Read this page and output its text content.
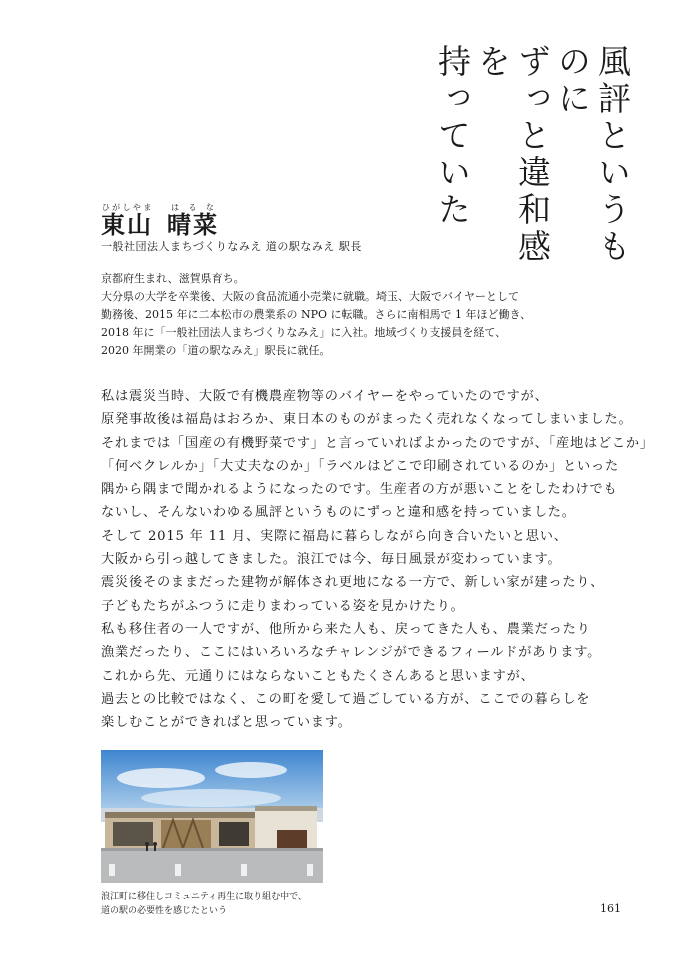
風評というものに
ずっと違和感を
持っていた
東山ひがしやま
晴菜はるな
一般社団法人まちづくりなみえ 道の駅なみえ 駅長
京都府生まれ、滋賀県育ち。
大分県の大学を卒業後、大阪の食品流通小売業に就職。埼玉、大阪でバイヤーとして
勤務後、2015 年に二本松市の農業系の NPO に転職。さらに南相馬で 1 年ほど働き、
2018 年に「一般社団法人まちづくりなみえ」に入社。地域づくり支援員を経て、
2020 年開業の「道の駅なみえ」駅長に就任。
私は震災当時、大阪で有機農産物等のバイヤーをやっていたのですが、
原発事故後は福島はおろか、東日本のものがまったく売れなくなってしまいました。
それまでは「国産の有機野菜です」と言っていればよかったのですが、「産地はどこか」
「何ベクレルか」「大丈夫なのか」「ラベルはどこで印刷されているのか」といった
隅から隅まで聞かれるようになったのです。生産者の方が悪いことをしたわけでも
ないし、そんないわゆる風評というものにずっと違和感を持っていました。
そして 2015 年 11 月、実際に福島に暮らしながら向き合いたいと思い、
大阪から引っ越してきました。浪江では今、毎日風景が変わっています。
震災後そのままだった建物が解体され更地になる一方で、新しい家が建ったり、
子どもたちがふつうに走りまわっている姿を見かけたり。
私も移住者の一人ですが、他所から来た人も、戻ってきた人も、農業だったり
漁業だったり、ここにはいろいろなチャレンジができるフィールドがあります。
これから先、元通りにはならないこともたくさんあると思いますが、
過去との比較ではなく、この町を愛して過ごしている方が、ここでの暮らしを
楽しむことができればと思っています。
浪江町に移住しコミュニティ再生に取り組む中で、
道の駅の必要性を感じたという	161
